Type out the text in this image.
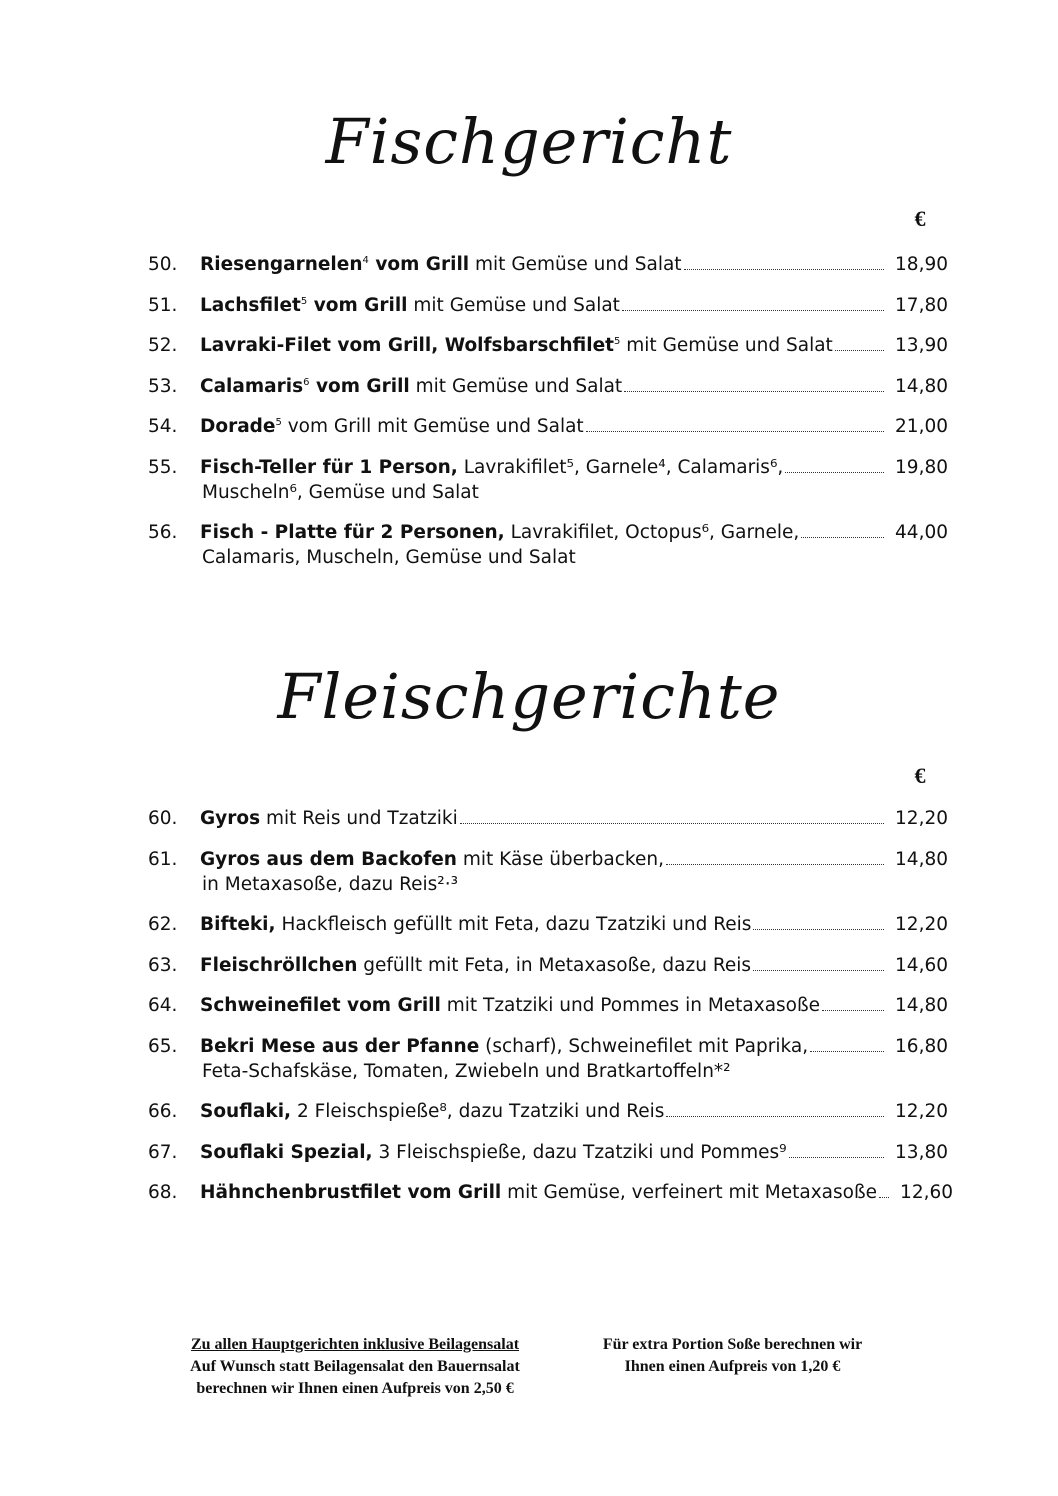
Fischgericht
€
50.	Riesengarnelen$^4$ vom Grill mit Gemüse und Salat	18,90
51.	Lachsfilet$^5$ vom Grill mit Gemüse und Salat	17,80
52.	Lavraki-Filet vom Grill, Wolfsbarschfilet$^5$ mit Gemüse und Salat	13,90
53.	Calamaris$^6$ vom Grill mit Gemüse und Salat	14,80
54.	Dorade$^5$ vom Grill mit Gemüse und Salat	21,00
55.	Fisch-Teller für 1 Person, Lavrakifilet⁵, Garnele⁴, Calamaris⁶,	19,80
Muscheln⁶, Gemüse und Salat
56.	Fisch - Platte für 2 Personen, Lavrakifilet, Octopus⁶, Garnele,	44,00
Calamaris, Muscheln, Gemüse und Salat
Fleischgerichte
€
60.	Gyros mit Reis und Tzatziki	12,20
61.	Gyros aus dem Backofen mit Käse überbacken,	14,80
in Metaxasoße, dazu Reis²·³
62.	Bifteki, Hackfleisch gefüllt mit Feta, dazu Tzatziki und Reis	12,20
63.	Fleischröllchen gefüllt mit Feta, in Metaxasoße, dazu Reis	14,60
64.	Schweinefilet vom Grill mit Tzatziki und Pommes in Metaxasoße	14,80
65.	Bekri Mese aus der Pfanne (scharf), Schweinefilet mit Paprika,	16,80
Feta-Schafskäse, Tomaten, Zwiebeln und Bratkartoffeln*²
66.	Souflaki, 2 Fleischspieße⁸, dazu Tzatziki und Reis	12,20
67.	Souflaki Spezial, 3 Fleischspieße, dazu Tzatziki und Pommes⁹	13,80
68.	Hähnchenbrustfilet vom Grill mit Gemüse, verfeinert mit Metaxasoße	12,60
Zu allen Hauptgerichten inklusive Beilagensalat
Auf Wunsch statt Beilagensalat den Bauernsalat
berechnen wir Ihnen einen Aufpreis von 2,50 €
Für extra Portion Soße berechnen wir
Ihnen einen Aufpreis von 1,20 €
